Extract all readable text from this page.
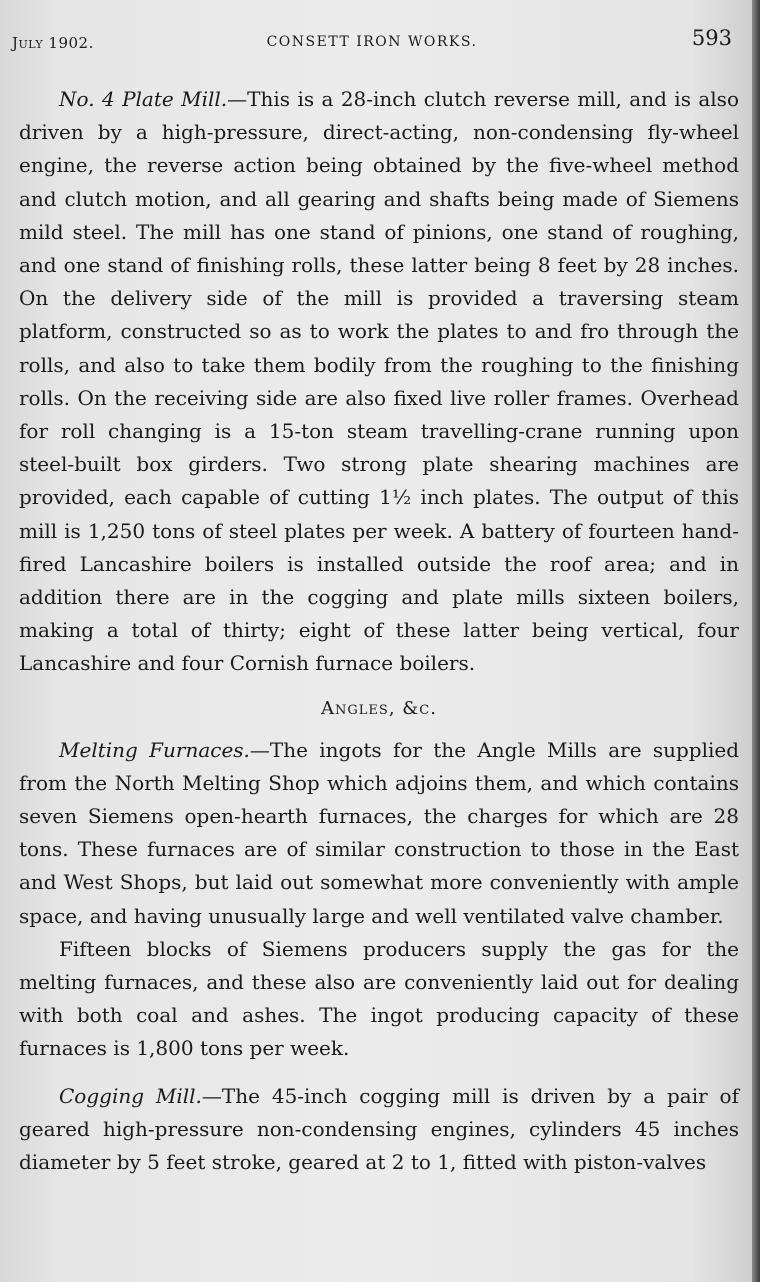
July 1902.	CONSETT IRON WORKS.	593

No. 4 Plate Mill.—This is a 28-inch clutch reverse mill, and is also driven by a high-pressure, direct-acting, non-condensing fly-wheel engine, the reverse action being obtained by the five-wheel method and clutch motion, and all gearing and shafts being made of Siemens mild steel. The mill has one stand of pinions, one stand of roughing, and one stand of finishing rolls, these latter being 8 feet by 28 inches. On the delivery side of the mill is provided a traversing steam platform, constructed so as to work the plates to and fro through the rolls, and also to take them bodily from the roughing to the finishing rolls. On the receiving side are also fixed live roller frames. Overhead for roll changing is a 15-ton steam travelling-crane running upon steel-built box girders. Two strong plate shearing machines are provided, each capable of cutting 1½ inch plates. The output of this mill is 1,250 tons of steel plates per week. A battery of fourteen hand-fired Lancashire boilers is installed outside the roof area; and in addition there are in the cogging and plate mills sixteen boilers, making a total of thirty; eight of these latter being vertical, four Lancashire and four Cornish furnace boilers.

Angles, &c.

Melting Furnaces.—The ingots for the Angle Mills are supplied from the North Melting Shop which adjoins them, and which contains seven Siemens open-hearth furnaces, the charges for which are 28 tons. These furnaces are of similar construction to those in the East and West Shops, but laid out somewhat more conveniently with ample space, and having unusually large and well ventilated valve chamber.

Fifteen blocks of Siemens producers supply the gas for the melting furnaces, and these also are conveniently laid out for dealing with both coal and ashes. The ingot producing capacity of these furnaces is 1,800 tons per week.

Cogging Mill.—The 45-inch cogging mill is driven by a pair of geared high-pressure non-condensing engines, cylinders 45 inches diameter by 5 feet stroke, geared at 2 to 1, fitted with piston-valves
